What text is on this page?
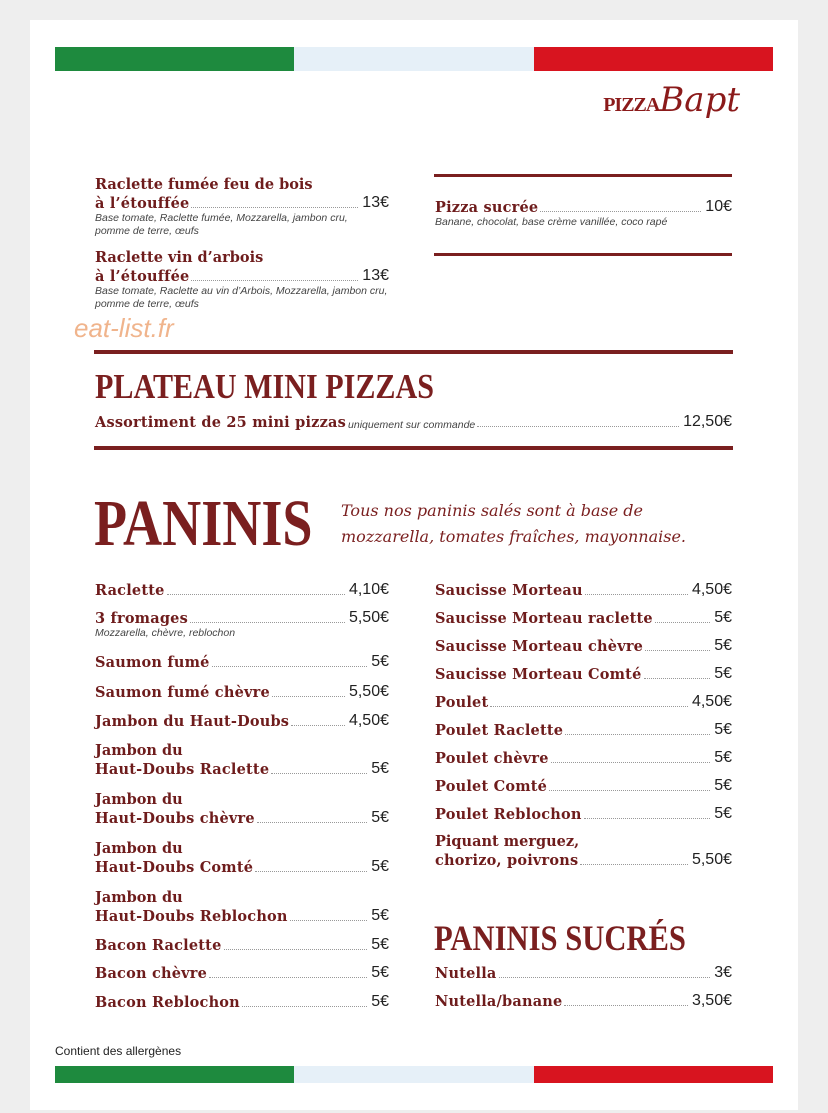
PIZZABapt
Raclette fumée feu de bois
à l’étouffée	13€
Base tomate, Raclette fumée, Mozzarella, jambon cru,
pomme de terre, œufs
Raclette vin d’arbois
à l’étouffée	13€
Base tomate, Raclette au vin d’Arbois, Mozzarella, jambon cru,
pomme de terre, œufs
Pizza sucrée	10€
Banane, chocolat, base crème vanillée, coco rapé
eat-list.fr
PLATEAU MINI PIZZAS
Assortiment de 25 mini pizzas uniquement sur commande	12,50€
PANINIS Tous nos paninis salés sont à base de
mozzarella, tomates fraîches, mayonnaise.
Raclette	4,10€
3 fromages	5,50€
Mozzarella, chèvre, reblochon
Saumon fumé	5€
Saumon fumé chèvre	5,50€
Jambon du Haut-Doubs	4,50€
Jambon du
Haut-Doubs Raclette	5€
Jambon du
Haut-Doubs chèvre	5€
Jambon du
Haut-Doubs Comté	5€
Jambon du
Haut-Doubs Reblochon	5€
Bacon Raclette	5€
Bacon chèvre	5€
Bacon Reblochon	5€
Saucisse Morteau	4,50€
Saucisse Morteau raclette	5€
Saucisse Morteau chèvre	5€
Saucisse Morteau Comté	5€
Poulet	4,50€
Poulet Raclette	5€
Poulet chèvre	5€
Poulet Comté	5€
Poulet Reblochon	5€
Piquant merguez,
chorizo, poivrons	5,50€
PANINIS SUCRÉS
Nutella	3€
Nutella/banane	3,50€
Contient des allergènes
